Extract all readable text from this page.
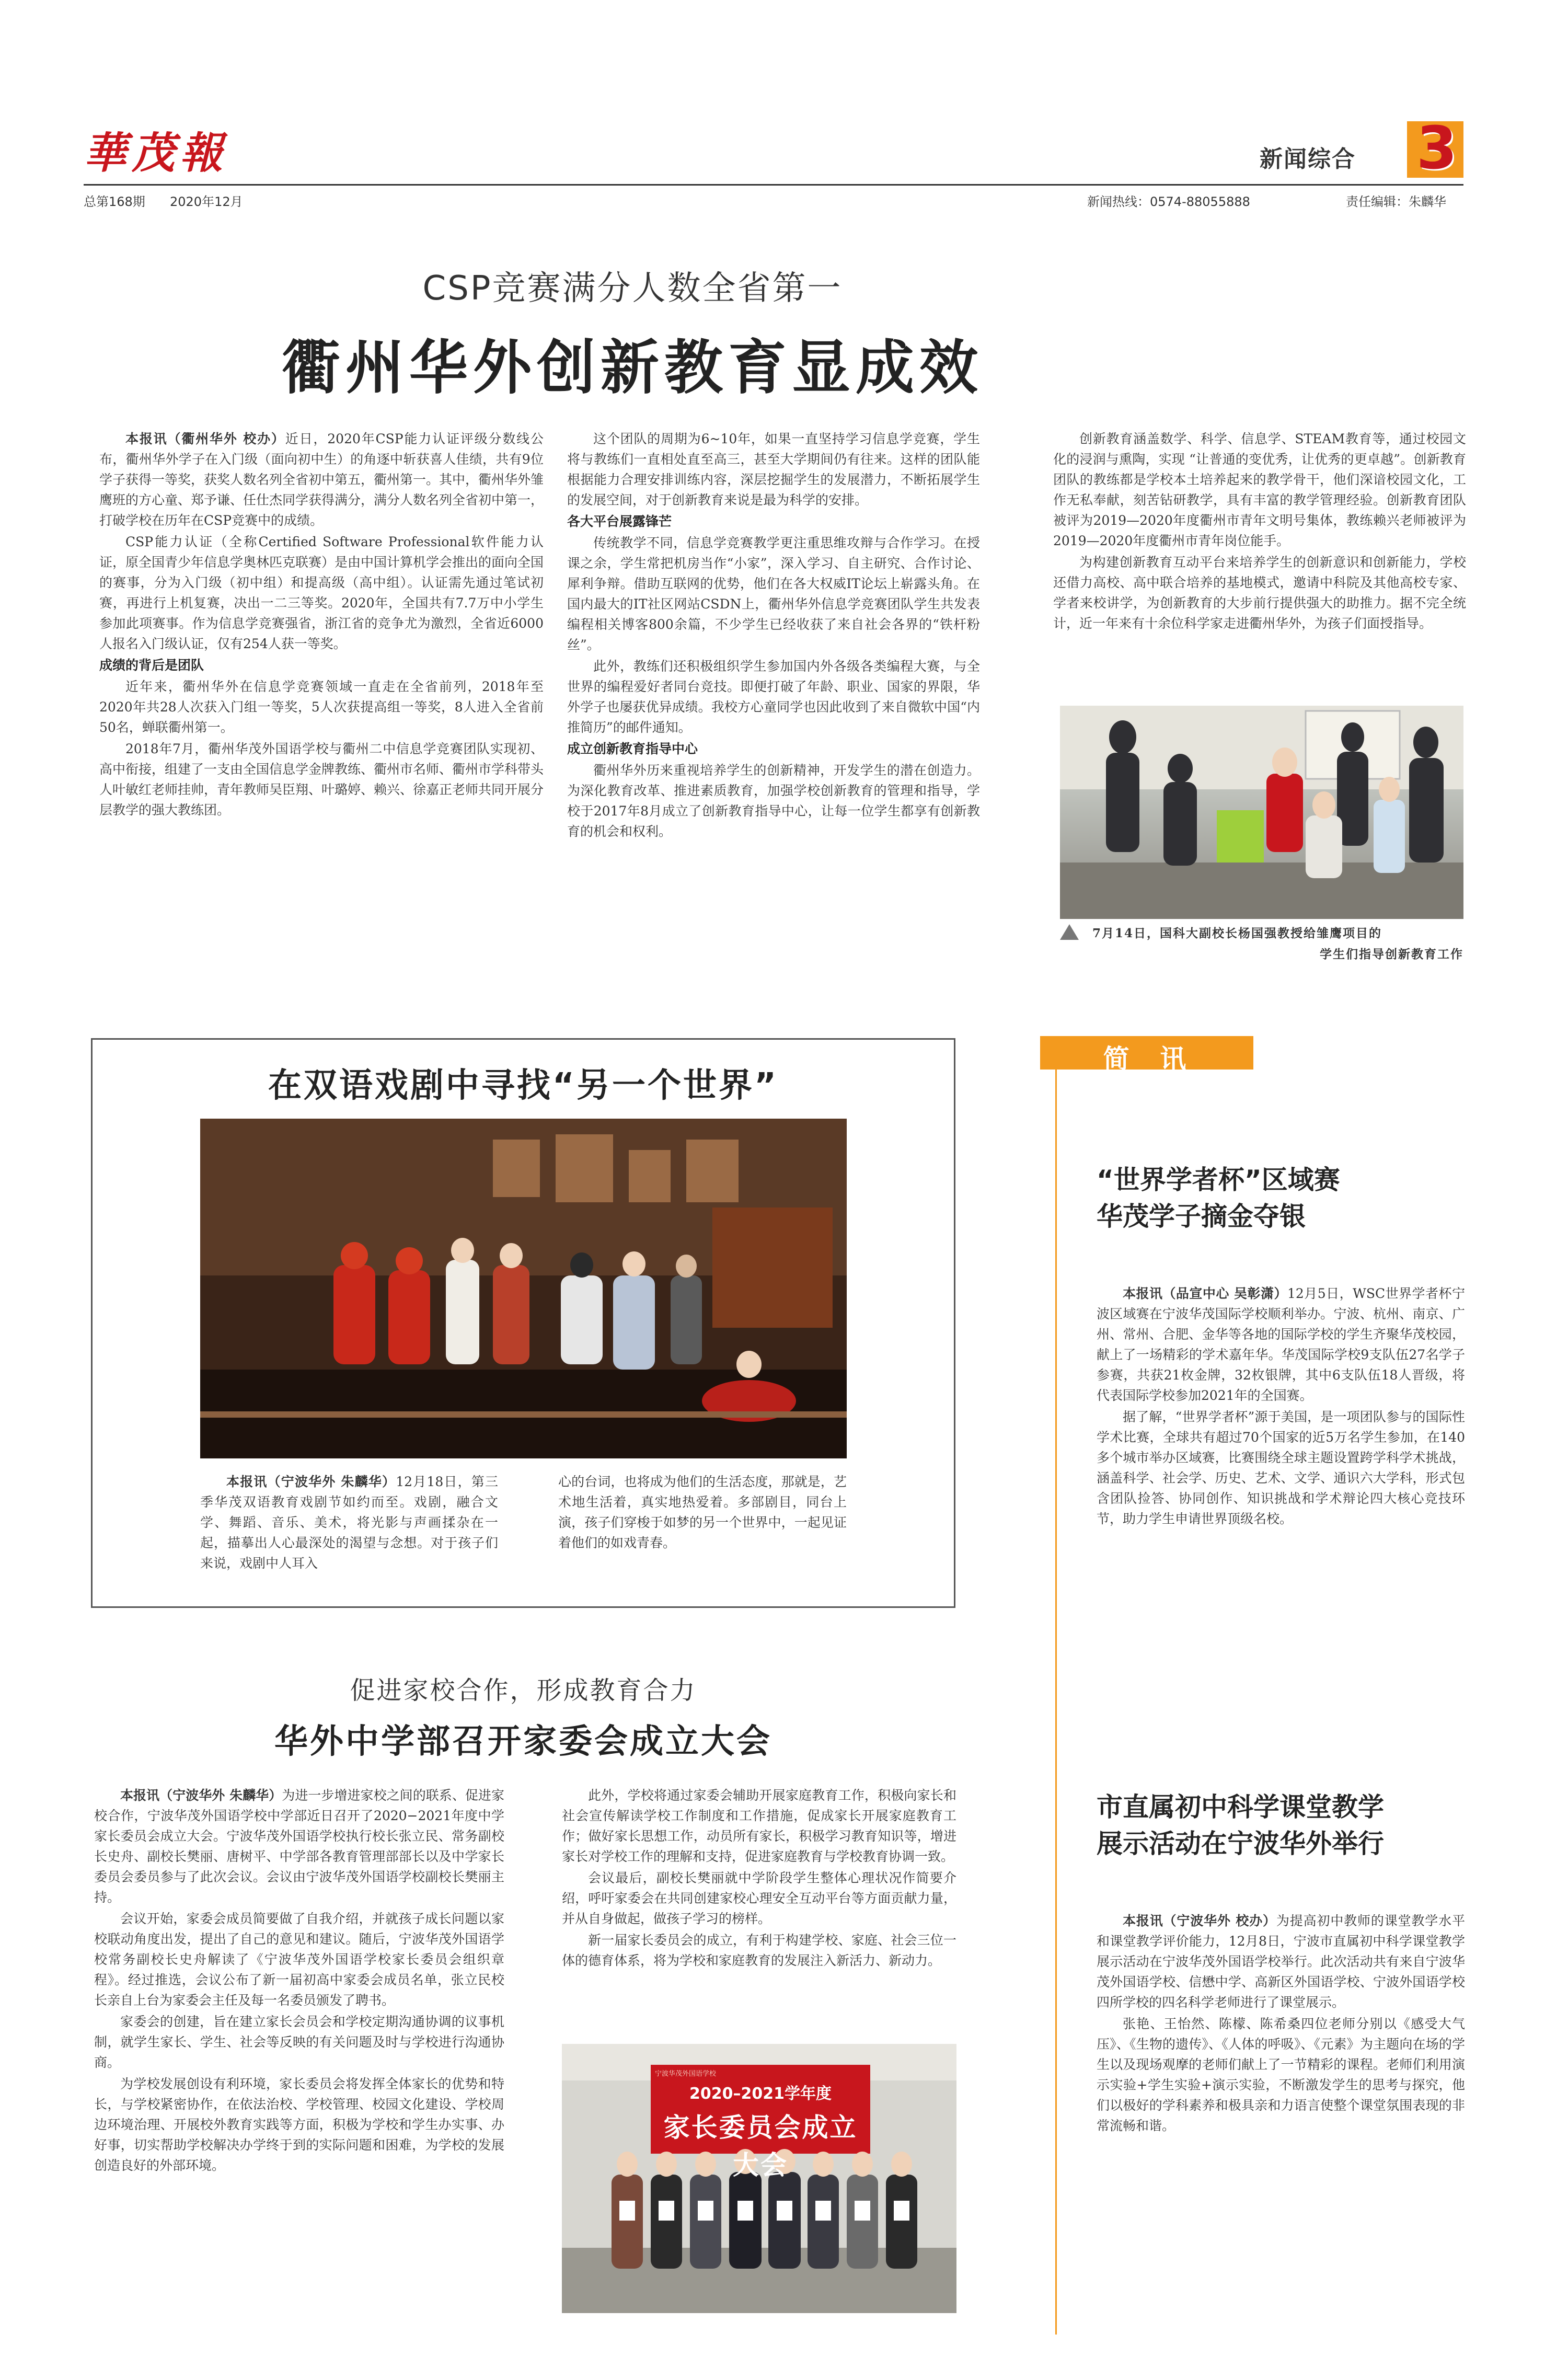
華茂報	新闻综合 3
总第168期 2020年12月	新闻热线：0574-88055888	责任编辑：朱麟华
CSP竞赛满分人数全省第一
衢州华外创新教育显成效
本报讯（衢州华外 校办）近日，2020年CSP能力认证评级分数线公布，衢州华外学子在入门级（面向初中生）的角逐中斩获喜人佳绩，共有9位学子获得一等奖，获奖人数名列全省初中第五，衢州第一。其中，衢州华外雏鹰班的方心童、郑予谦、任仕杰同学获得满分，满分人数名列全省初中第一，打破学校在历年在CSP竞赛中的成绩。
CSP能力认证（全称Certified Software Professional软件能力认证，原全国青少年信息学奥林匹克联赛）是由中国计算机学会推出的面向全国的赛事，分为入门级（初中组）和提高级（高中组）。认证需先通过笔试初赛，再进行上机复赛，决出一二三等奖。2020年，全国共有7.7万中小学生参加此项赛事。作为信息学竞赛强省，浙江省的竞争尤为激烈，全省近6000人报名入门级认证，仅有254人获一等奖。
成绩的背后是团队
近年来，衢州华外在信息学竞赛领域一直走在全省前列，2018年至2020年共28人次获入门组一等奖，5人次获提高组一等奖，8人进入全省前50名，蝉联衢州第一。
2018年7月，衢州华茂外国语学校与衢州二中信息学竞赛团队实现初、高中衔接，组建了一支由全国信息学金牌教练、衢州市名师、衢州市学科带头人叶敏红老师挂帅，青年教师吴臣翔、叶璐婷、赖兴、徐嘉正老师共同开展分层教学的强大教练团。
这个团队的周期为6~10年，如果一直坚持学习信息学竞赛，学生将与教练们一直相处直至高三，甚至大学期间仍有往来。这样的团队能根据能力合理安排训练内容，深层挖掘学生的发展潜力，不断拓展学生的发展空间，对于创新教育来说是最为科学的安排。
各大平台展露锋芒
传统教学不同，信息学竞赛教学更注重思维攻辩与合作学习。在授课之余，学生常把机房当作“小家”，深入学习、自主研究、合作讨论、犀利争辩。借助互联网的优势，他们在各大权威IT论坛上崭露头角。在国内最大的IT社区网站CSDN上，衢州华外信息学竞赛团队学生共发表编程相关博客800余篇，不少学生已经收获了来自社会各界的“铁杆粉丝”。
此外，教练们还积极组织学生参加国内外各级各类编程大赛，与全世界的编程爱好者同台竞技。即便打破了年龄、职业、国家的界限，华外学子也屡获优异成绩。我校方心童同学也因此收到了来自微软中国“内推简历”的邮件通知。
成立创新教育指导中心
衢州华外历来重视培养学生的创新精神，开发学生的潜在创造力。为深化教育改革、推进素质教育，加强学校创新教育的管理和指导，学校于2017年8月成立了创新教育指导中心，让每一位学生都享有创新教育的机会和权利。
创新教育涵盖数学、科学、信息学、STEAM教育等，通过校园文化的浸润与熏陶，实现 “让普通的变优秀，让优秀的更卓越”。创新教育团队的教练都是学校本土培养起来的教学骨干，他们深谙校园文化，工作无私奉献，刻苦钻研教学，具有丰富的教学管理经验。创新教育团队被评为2019—2020年度衢州市青年文明号集体，教练赖兴老师被评为2019—2020年度衢州市青年岗位能手。
为构建创新教育互动平台来培养学生的创新意识和创新能力，学校还借力高校、高中联合培养的基地模式，邀请中科院及其他高校专家、学者来校讲学，为创新教育的大步前行提供强大的助推力。据不完全统计，近一年来有十余位科学家走进衢州华外，为孩子们面授指导。
7月14日，国科大副校长杨国强教授给雏鹰项目的
学生们指导创新教育工作
在双语戏剧中寻找“另一个世界”
本报讯（宁波华外 朱麟华）12月18日，第三季华茂双语教育戏剧节如约而至。戏剧，融合文学、舞蹈、音乐、美术，将光影与声画揉杂在一起，描摹出人心最深处的渴望与念想。对于孩子们来说，戏剧中人耳入
心的台词，也将成为他们的生活态度，那就是，艺术地生活着，真实地热爱着。多部剧目，同台上演，孩子们穿梭于如梦的另一个世界中，一起见证着他们的如戏青春。
简  讯
“世界学者杯”区域赛
华茂学子摘金夺银
本报讯（品宣中心 吴彰潇）12月5日，WSC世界学者杯宁波区域赛在宁波华茂国际学校顺利举办。宁波、杭州、南京、广州、常州、合肥、金华等各地的国际学校的学生齐聚华茂校园，献上了一场精彩的学术嘉年华。华茂国际学校9支队伍27名学子参赛，共获21枚金牌，32枚银牌，其中6支队伍18人晋级，将代表国际学校参加2021年的全国赛。
据了解，“世界学者杯”源于美国，是一项团队参与的国际性学术比赛，全球共有超过70个国家的近5万名学生参加，在140多个城市举办区域赛，比赛围绕全球主题设置跨学科学术挑战，涵盖科学、社会学、历史、艺术、文学、通识六大学科，形式包含团队捡答、协同创作、知识挑战和学术辩论四大核心竞技环节，助力学生申请世界顶级名校。
市直属初中科学课堂教学
展示活动在宁波华外举行
本报讯（宁波华外 校办）为提高初中教师的课堂教学水平和课堂教学评价能力，12月8日，宁波市直属初中科学课堂教学展示活动在宁波华茂外国语学校举行。此次活动共有来自宁波华茂外国语学校、信懋中学、高新区外国语学校、宁波外国语学校四所学校的四名科学老师进行了课堂展示。
张艳、王怡然、陈檬、陈希桑四位老师分别以《感受大气压》、《生物的遗传》、《人体的呼吸》、《元素》为主题向在场的学生以及现场观摩的老师们献上了一节精彩的课程。老师们利用演示实验+学生实验+演示实验，不断激发学生的思考与探究，他们以极好的学科素养和极具亲和力语言使整个课堂氛围表现的非常流畅和谐。
促进家校合作，形成教育合力
华外中学部召开家委会成立大会
本报讯（宁波华外 朱麟华）为进一步增进家校之间的联系、促进家校合作，宁波华茂外国语学校中学部近日召开了2020−2021年度中学家长委员会成立大会。宁波华茂外国语学校执行校长张立民、常务副校长史舟、副校长樊丽、唐树平、中学部各教育管理部部长以及中学家长委员会委员参与了此次会议。会议由宁波华茂外国语学校副校长樊丽主持。
会议开始，家委会成员简要做了自我介绍，并就孩子成长问题以家校联动角度出发，提出了自己的意见和建议。随后，宁波华茂外国语学校常务副校长史舟解读了《宁波华茂外国语学校家长委员会组织章程》。经过推选，会议公布了新一届初高中家委会成员名单，张立民校长亲自上台为家委会主任及每一名委员颁发了聘书。
家委会的创建，旨在建立家长会员会和学校定期沟通协调的议事机制，就学生家长、学生、社会等反映的有关问题及时与学校进行沟通协商。
为学校发展创设有利环境，家长委员会将发挥全体家长的优势和特长，与学校紧密协作，在依法治校、学校管理、校园文化建设、学校周边环境治理、开展校外教育实践等方面，积极为学校和学生办实事、办好事，切实帮助学校解决办学终于到的实际问题和困难，为学校的发展创造良好的外部环境。
此外，学校将通过家委会辅助开展家庭教育工作，积极向家长和社会宣传解读学校工作制度和工作措施，促成家长开展家庭教育工作；做好家长思想工作，动员所有家长，积极学习教育知识等，增进家长对学校工作的理解和支持，促进家庭教育与学校教育协调一致。
会议最后，副校长樊丽就中学阶段学生整体心理状况作简要介绍，呼吁家委会在共同创建家校心理安全互动平台等方面贡献力量，并从自身做起，做孩子学习的榜样。
新一届家长委员会的成立，有利于构建学校、家庭、社会三位一体的德育体系，将为学校和家庭教育的发展注入新活力、新动力。
宁波华茂外国语学校
2020–2021学年度
家长委员会成立大会
